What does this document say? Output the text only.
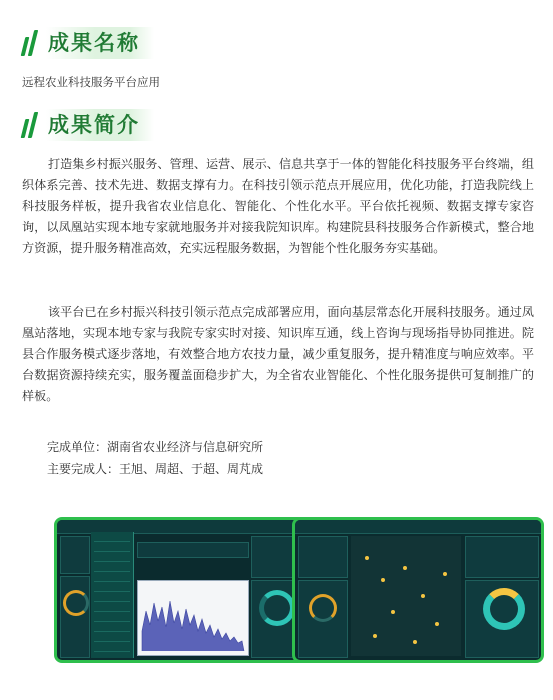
成果名称
远程农业科技服务平台应用
成果简介

打造集乡村振兴服务、管理、运营、展示、信息共享于一体的智能化科技服务平台终端，组织体系完善、技术先进、数据支撑有力。在科技引领示范点开展应用，优化功能，打造我院线上科技服务样板，提升我省农业信息化、智能化、个性化水平。平台依托视频、数据支撑专家咨询，以凤凰站实现本地专家就地服务并对接我院知识库。构建院县科技服务合作新模式，整合地方资源，提升服务精准高效，充实远程服务数据，为智能个性化服务夯实基础。

该平台已在乡村振兴科技引领示范点完成部署应用，面向基层常态化开展科技服务。通过凤凰站落地，实现本地专家与我院专家实时对接、知识库互通，线上咨询与现场指导协同推进。院县合作服务模式逐步落地，有效整合地方农技力量，减少重复服务，提升精准度与响应效率。平台数据资源持续充实，服务覆盖面稳步扩大，为全省农业智能化、个性化服务提供可复制推广的样板。

完成单位：湖南省农业经济与信息研究所
主要完成人：王旭、周超、于超、周芃成
